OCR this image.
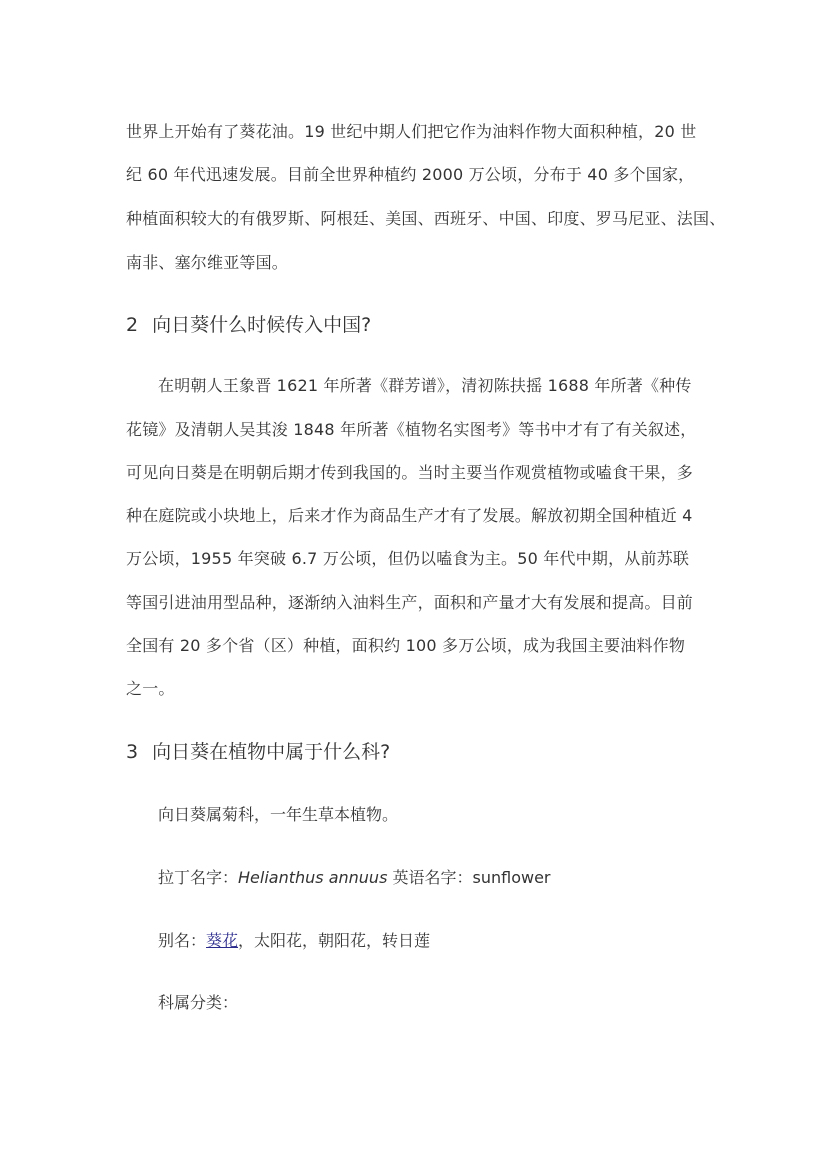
世界上开始有了葵花油。19 世纪中期人们把它作为油料作物大面积种植，20 世
纪 60 年代迅速发展。目前全世界种植约 2000 万公顷，分布于 40 多个国家，
种植面积较大的有俄罗斯、阿根廷、美国、西班牙、中国、印度、罗马尼亚、法国、
南非、塞尔维亚等国。
2 向日葵什么时候传入中国?
在明朝人王象晋 1621 年所著《群芳谱》，清初陈扶摇 1688 年所著《种传
花镜》及清朝人吴其浚 1848 年所著《植物名实图考》等书中才有了有关叙述，
可见向日葵是在明朝后期才传到我国的。当时主要当作观赏植物或嗑食干果，多
种在庭院或小块地上，后来才作为商品生产才有了发展。解放初期全国种植近 4
万公顷，1955 年突破 6.7 万公顷，但仍以嗑食为主。50 年代中期，从前苏联
等国引进油用型品种，逐渐纳入油料生产，面积和产量才大有发展和提高。目前
全国有 20 多个省（区）种植，面积约 100 多万公顷，成为我国主要油料作物
之一。
3 向日葵在植物中属于什么科?
向日葵属菊科，一年生草本植物。
拉丁名字：Helianthus annuus 英语名字：sunflower
别名：葵花，太阳花，朝阳花，转日莲
科属分类：
